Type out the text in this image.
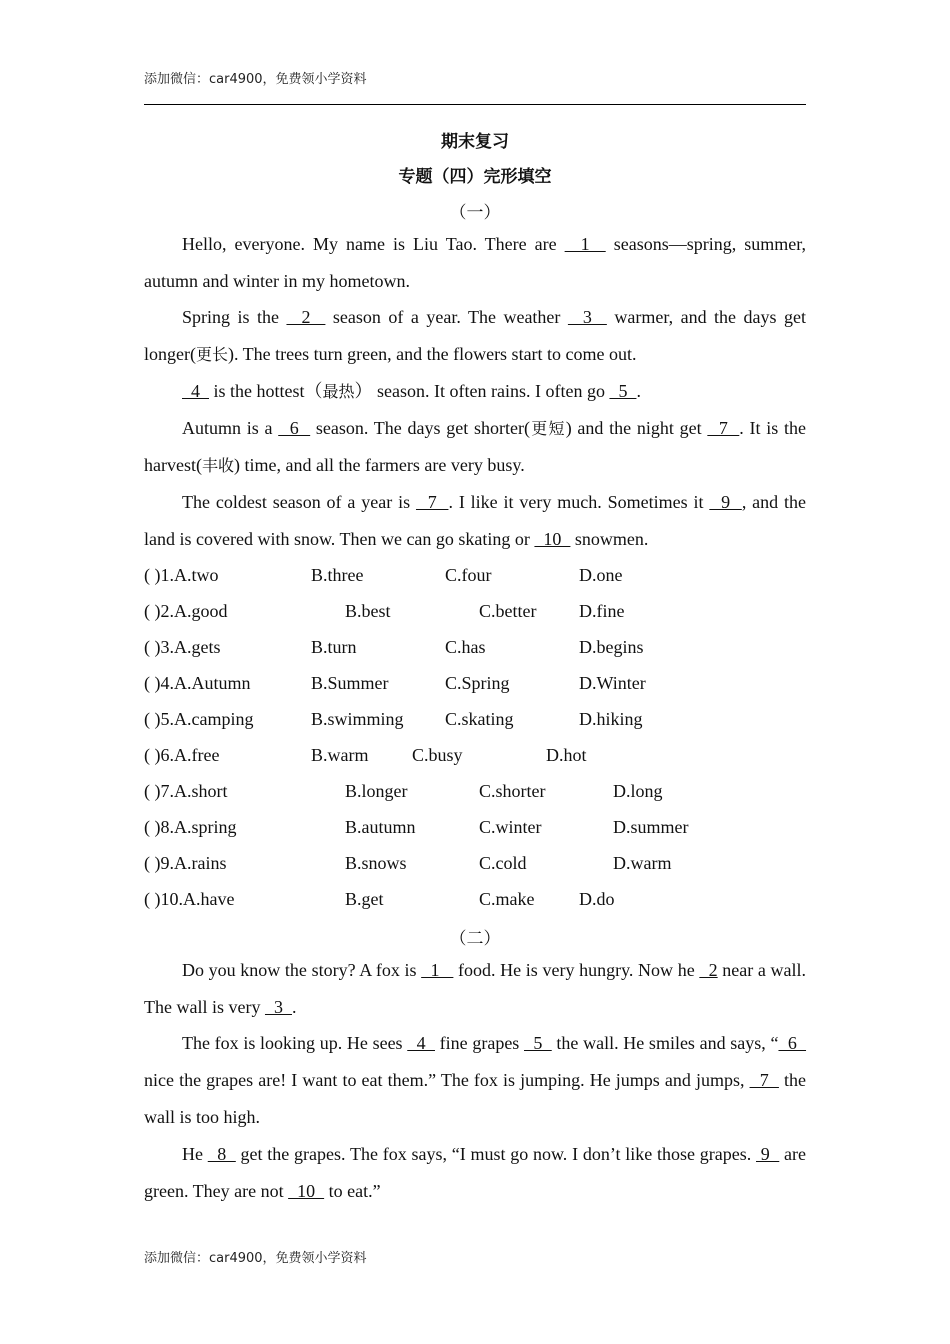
添加微信：car4900，免费领小学资料
期末复习
专题（四）完形填空
（一）

Hello, everyone. My name is Liu Tao. There are   1   seasons—spring, summer, autumn and winter in my hometown.

Spring is the   2   season of a year. The weather   3   warmer, and the days get longer(更长). The trees turn green, and the flowers start to come out.

4   is the hottest（最热） season. It often rains. I often go   5  .

Autumn is a   6   season. The days get shorter(更短) and the night get   7  . It is the harvest(丰收) time, and all the farmers are very busy.

The coldest season of a year is   7  . I like it very much. Sometimes it   9  , and the land is covered with snow. Then we can go skating or   10   snowmen.

( )1.A.two	B.three	C.four	D.one
( )2.A.good	B.best	C.better D.fine
( )3.A.gets	B.turn	C.has	D.begins
( )4.A.Autumn	B.Summer	C.Spring	D.Winter
( )5.A.camping	B.swimming C.skating	D.hiking
( )6.A.free	B.warm C.busy	D.hot
( )7.A.short	B.longer	C.shorter	D.long
( )8.A.spring	B.autumn	C.winter	D.summer
( )9.A.rains	B.snows	C.cold	D.warm
( )10.A.have	B.get	C.make D.do
（二）

Do you know the story? A fox is   1    food. He is very hungry. Now he   2 near a wall. The wall is very   3  .

The fox is looking up. He sees   4   fine grapes   5   the wall. He smiles and says, “  6   nice the grapes are! I want to eat them.” The fox is jumping. He jumps and jumps,   7   the wall is too high.

He   8   get the grapes. The fox says, “I must go now. I don’t like those grapes.  9   are green. They are not   10   to eat.”

添加微信：car4900，免费领小学资料
